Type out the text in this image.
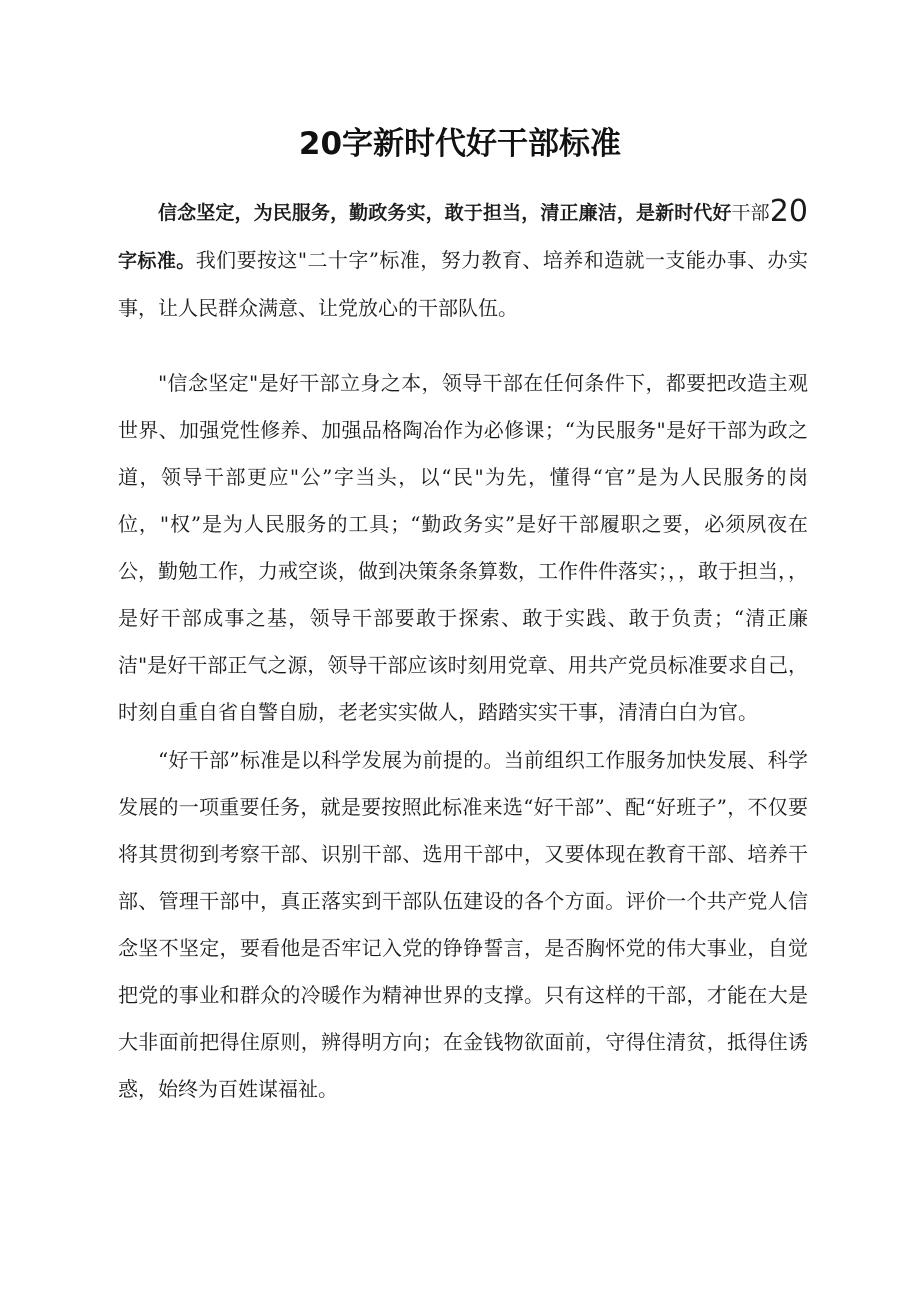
20字新时代好干部标准
信念坚定，为民服务，勤政务实，敢于担当，清正廉洁，是新时代好干部20字标准。我们要按这"二十字”标准，努力教育、培养和造就一支能办事、办实事，让人民群众满意、让党放心的干部队伍。
"信念坚定"是好干部立身之本，领导干部在任何条件下，都要把改造主观世界、加强党性修养、加强品格陶冶作为必修课；“为民服务"是好干部为政之道，领导干部更应"公”字当头，以“民"为先，懂得“官”是为人民服务的岗位，"权”是为人民服务的工具；“勤政务实”是好干部履职之要，必须夙夜在公，勤勉工作，力戒空谈，做到决策条条算数，工作件件落实；，，敢于担当，，是好干部成事之基，领导干部要敢于探索、敢于实践、敢于负责；“清正廉洁"是好干部正气之源，领导干部应该时刻用党章、用共产党员标准要求自己，时刻自重自省自警自励，老老实实做人，踏踏实实干事，清清白白为官。
“好干部”标准是以科学发展为前提的。当前组织工作服务加快发展、科学发展的一项重要任务，就是要按照此标准来选“好干部”、配“好班子”，不仅要将其贯彻到考察干部、识别干部、选用干部中，又要体现在教育干部、培养干部、管理干部中，真正落实到干部队伍建设的各个方面。评价一个共产党人信念坚不坚定，要看他是否牢记入党的铮铮誓言，是否胸怀党的伟大事业，自觉把党的事业和群众的冷暖作为精神世界的支撑。只有这样的干部，才能在大是大非面前把得住原则，辨得明方向；在金钱物欲面前，守得住清贫，抵得住诱惑，始终为百姓谋福祉。
